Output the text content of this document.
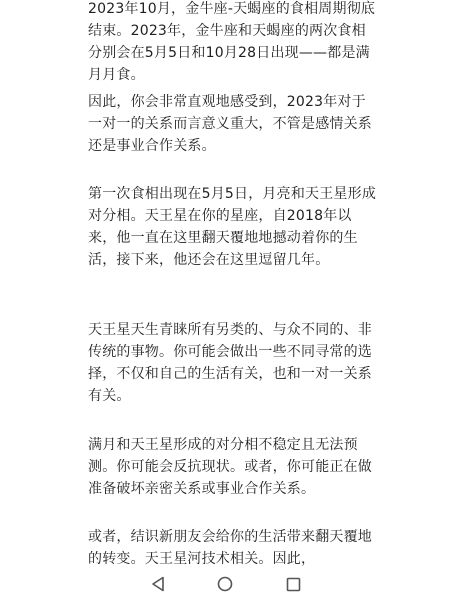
2023年10月，金牛座-天蝎座的食相周期彻底结束。2023年，金牛座和天蝎座的两次食相分别会在5月5日和10月28日出现——都是满月月食。

因此，你会非常直观地感受到，2023年对于一对一的关系而言意义重大，不管是感情关系还是事业合作关系。

第一次食相出现在5月5日，月亮和天王星形成对分相。天王星在你的星座，自2018年以来，他一直在这里翻天覆地地撼动着你的生活，接下来，他还会在这里逗留几年。

天王星天生青睐所有另类的、与众不同的、非传统的事物。你可能会做出一些不同寻常的选择，不仅和自己的生活有关，也和一对一关系有关。

满月和天王星形成的对分相不稳定且无法预测。你可能会反抗现状。或者，你可能正在做准备破坏亲密关系或事业合作关系。

或者，结识新朋友会给你的生活带来翻天覆地的转变。天王星河技术相关。因此，
